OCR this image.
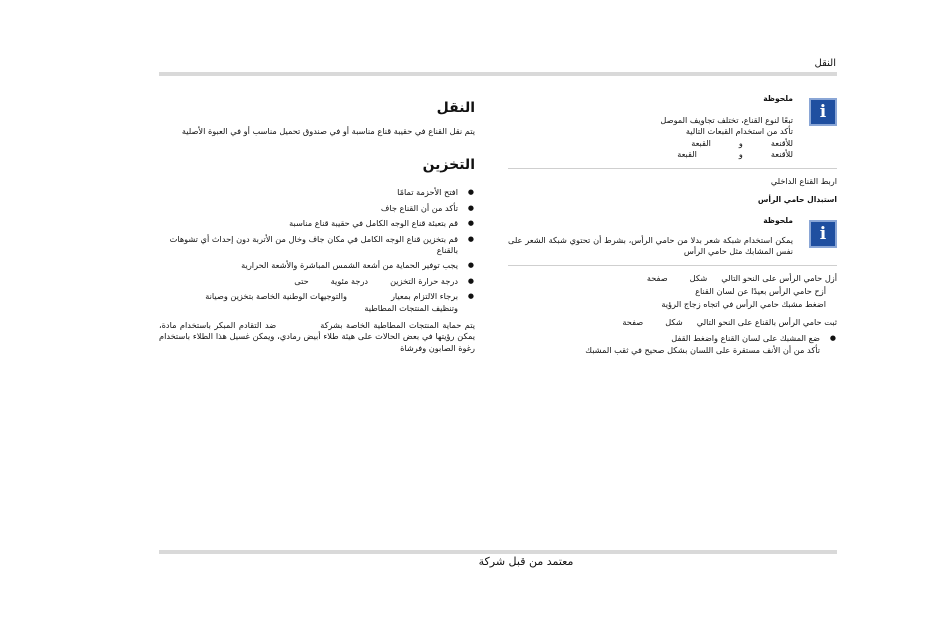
النقل
النقل

يتم نقل القناع في حقيبة قناع مناسبة أو في صندوق تحميل مناسب أو في العبوة الأصلية

التخزين
● افتح الأحزمة تمامًا
● تأكد من أن القناع جاف
● قم بتعبئة قناع الوجه الكامل في حقيبة قناع مناسبة
● قم بتخزين قناع الوجه الكامل في مكان جاف وخال من الأتربة دون إحداث أي تشوهات بالقناع
● يجب توفير الحماية من أشعة الشمس المباشرة والأشعة الحرارية
● درجة حرارة التخزيندرجة مئويةحتى
● برجاء الالتزام بمعياروالتوجيهات الوطنية الخاصة بتخزين وصيانة
وتنظيف المنتجات المطاطية

يتم حماية المنتجات المطاطية الخاصة بشركةضد التقادم المبكر باستخدام مادة، يمكن رؤيتها في بعض الحالات على هيئة طلاء أبيض رمادي، ويمكن غسيل هذا الطلاء باستخدام رغوة الصابون وفرشاة

i
ملحوظة

تبعًا لنوع القناع، تختلف تجاويف الموصل

تأكد من استخدام القبعات التالية

للأقنعةوالقبعة

للأقنعةوالقبعة

اربط القناع الداخلي

استبدال حامي الرأس
i
ملحوظة

يمكن استخدام شبكة شعر بدلا من حامي الرأس، بشرط أن تحتوي شبكة الشعر على نفس المشابك مثل حامي الرأس

أزل حامي الرأس على النحو التاليشكلصفحة

أزح حامي الرأس بعيدًا عن لسان القناع

اضغط مشبك حامي الرأس في اتجاه زجاج الرؤية

ثبت حامي الرأس بالقناع على النحو التاليشكلصفحة

● ضع المشبك على لسان القناع واضغط القفل

تأكد من أن الأنف مستقرة على اللسان بشكل صحيح في ثقب المشبك

معتمد من قبل شركة
